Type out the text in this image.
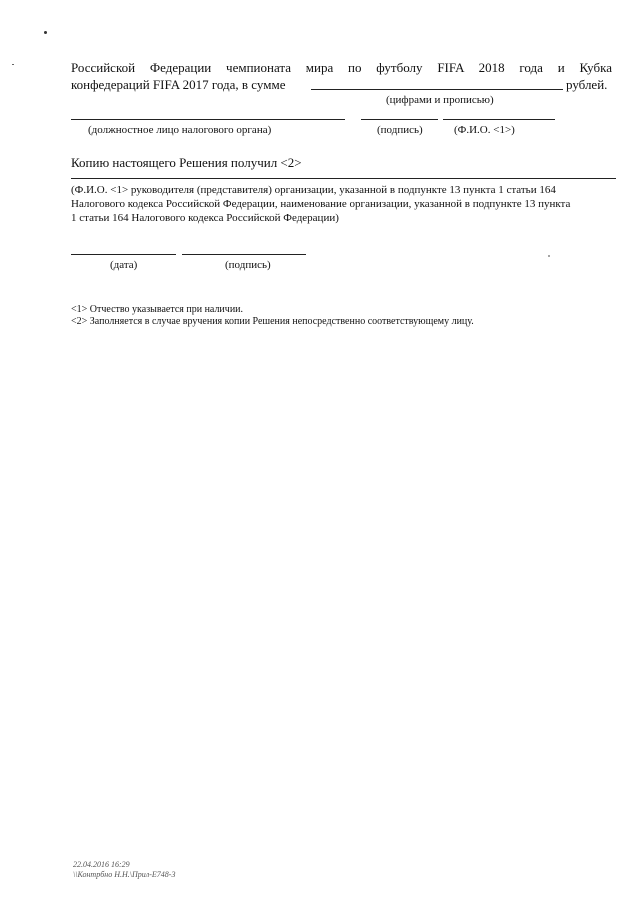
Российской Федерации чемпионата мира по футболу FIFA 2018 года и Кубка
конфедераций FIFA 2017 года, в сумме	рублей.
(цифрами и прописью)
(должностное лицо налогового органа)	(подпись)	(Ф.И.О. <1>)
Копию настоящего Решения получил <2>
(Ф.И.О. <1> руководителя (представителя) организации, указанной в подпункте 13 пункта 1 статьи 164
Налогового кодекса Российской Федерации, наименование организации, указанной в подпункте 13 пункта
1 статьи 164 Налогового кодекса Российской Федерации)
(дата)	(подпись)
<1> Отчество указывается при наличии.
<2> Заполняется в случае вручения копии Решения непосредственно соответствующему лицу.
22.04.2016 16:29
\\Контрбно Н.Н.\Прил-Е748-3
